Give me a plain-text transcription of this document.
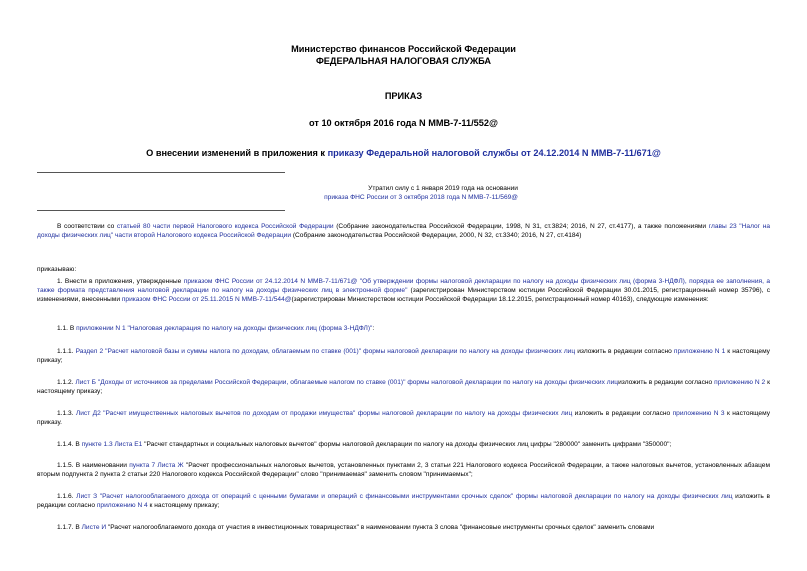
Министерство финансов Российской Федерации
ФЕДЕРАЛЬНАЯ НАЛОГОВАЯ СЛУЖБА
ПРИКАЗ
от 10 октября 2016 года N ММВ-7-11/552@
О внесении изменений в приложения к приказу Федеральной налоговой службы от 24.12.2014 N ММВ-7-11/671@
Утратил силу с 1 января 2019 года на основании
приказа ФНС России от 3 октября 2018 года N ММВ-7-11/569@
В соответствии со статьей 80 части первой Налогового кодекса Российской Федерации (Собрание законодательства Российской Федерации, 1998, N 31, ст.3824; 2016, N 27, ст.4177), а также положениями главы 23 "Налог на доходы физических лиц" части второй Налогового кодекса Российской Федерации (Собрание законодательства Российской Федерации, 2000, N 32, ст.3340; 2016, N 27, ст.4184)
приказываю:
1. Внести в приложения, утвержденные приказом ФНС России от 24.12.2014 N ММВ-7-11/671@ "Об утверждении формы налоговой декларации по налогу на доходы физических лиц (форма 3-НДФЛ), порядка ее заполнения, а также формата представления налоговой декларации по налогу на доходы физических лиц в электронной форме" (зарегистрирован Министерством юстиции Российской Федерации 30.01.2015, регистрационный номер 35796), с изменениями, внесенными приказом ФНС России от 25.11.2015 N ММВ-7-11/544@(зарегистрирован Министерством юстиции Российской Федерации 18.12.2015, регистрационный номер 40163), следующие изменения:
1.1. В приложении N 1 "Налоговая декларация по налогу на доходы физических лиц (форма 3-НДФЛ)":
1.1.1. Раздел 2 "Расчет налоговой базы и суммы налога по доходам, облагаемым по ставке (001)" формы налоговой декларации по налогу на доходы физических лиц изложить в редакции согласно приложению N 1 к настоящему приказу;
1.1.2. Лист Б "Доходы от источников за пределами Российской Федерации, облагаемые налогом по ставке (001)" формы налоговой декларации по налогу на доходы физических лицизложить в редакции согласно приложению N 2 к настоящему приказу;
1.1.3. Лист Д2 "Расчет имущественных налоговых вычетов по доходам от продажи имущества" формы налоговой декларации по налогу на доходы физических лиц изложить в редакции согласно приложению N 3 к настоящему приказу.
1.1.4. В пункте 1.3 Листа Е1 "Расчет стандартных и социальных налоговых вычетов" формы налоговой декларации по налогу на доходы физических лиц цифры "280000" заменить цифрами "350000";
1.1.5. В наименовании пункта 7 Листа Ж "Расчет профессиональных налоговых вычетов, установленных пунктами 2, 3 статьи 221 Налогового кодекса Российской Федерации, а также налоговых вычетов, установленных абзацем вторым подпункта 2 пункта 2 статьи 220 Налогового кодекса Российской Федерации" слово "принимаемая" заменить словом "принимаемых";
1.1.6. Лист З "Расчет налогооблагаемого дохода от операций с ценными бумагами и операций с финансовыми инструментами срочных сделок" формы налоговой декларации по налогу на доходы физических лиц изложить в редакции согласно приложению N 4 к настоящему приказу;
1.1.7. В Листе И "Расчет налогооблагаемого дохода от участия в инвестиционных товариществах" в наименовании пункта 3 слова "финансовые инструменты срочных сделок" заменить словами
